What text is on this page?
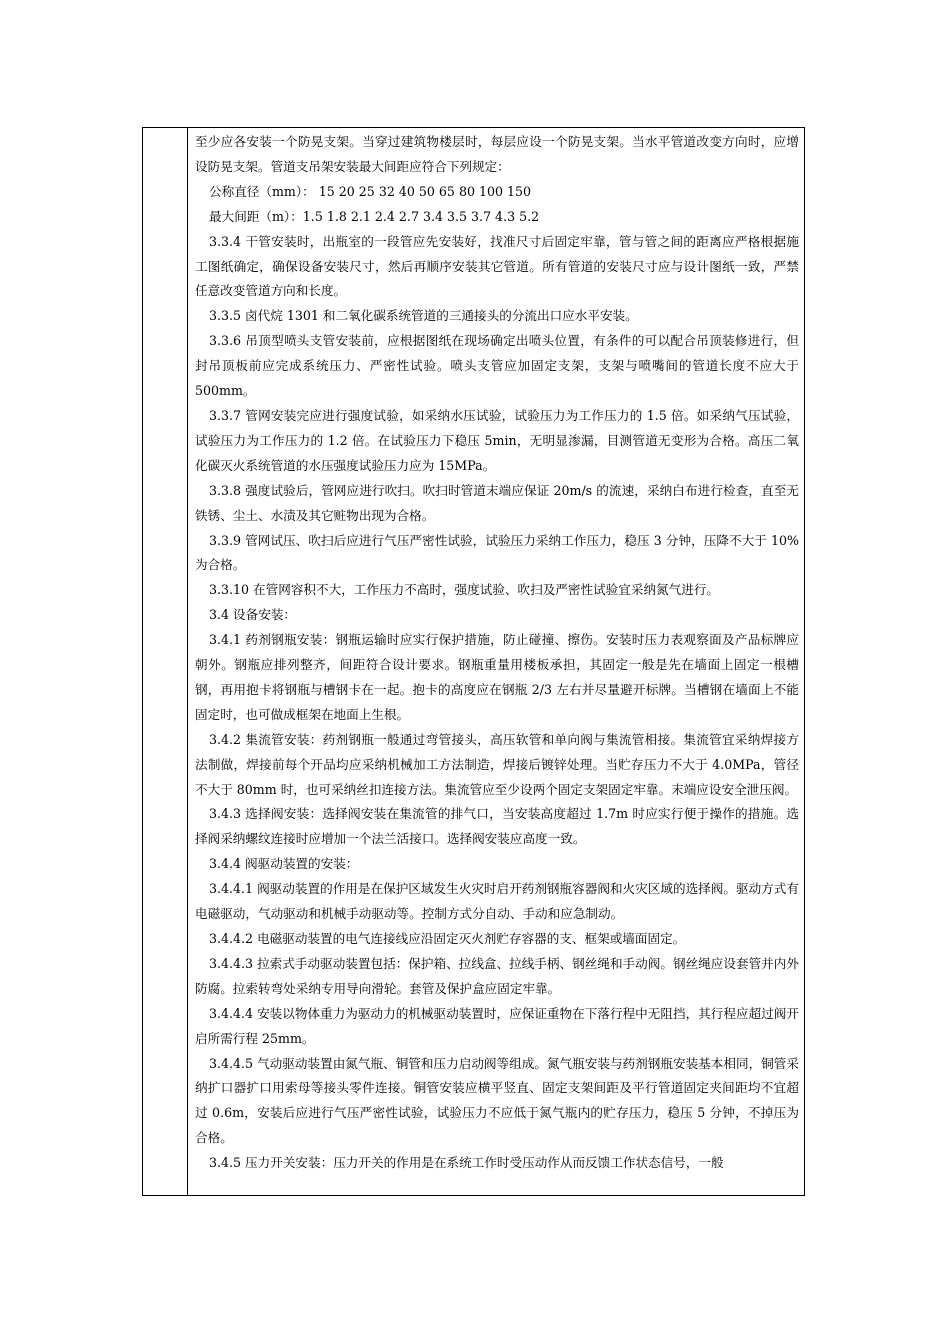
至少应各安装一个防晃支架。当穿过建筑物楼层时，每层应设一个防晃支架。当水平管道改变方向时，应增设防晃支架。管道支吊架安装最大间距应符合下列规定：

公称直径（mm）： 15 20 25 32 40 50 65 80 100 150

最大间距（m）：1.5 1.8 2.1 2.4 2.7 3.4 3.5 3.7 4.3 5.2

3.3.4 干管安装时，出瓶室的一段管应先安装好，找准尺寸后固定牢靠，管与管之间的距离应严格根据施工图纸确定，确保设备安装尺寸，然后再顺序安装其它管道。所有管道的安装尺寸应与设计图纸一致，严禁任意改变管道方向和长度。

3.3.5 卤代烷 1301 和二氧化碳系统管道的三通接头的分流出口应水平安装。

3.3.6 吊顶型喷头支管安装前，应根据图纸在现场确定出喷头位置，有条件的可以配合吊顶装修进行，但封吊顶板前应完成系统压力、严密性试验。喷头支管应加固定支架，支架与喷嘴间的管道长度不应大于 500mm。

3.3.7 管网安装完应进行强度试验，如采纳水压试验，试验压力为工作压力的 1.5 倍。如采纳气压试验，试验压力为工作压力的 1.2 倍。在试验压力下稳压 5min，无明显渗漏，目测管道无变形为合格。高压二氧化碳灭火系统管道的水压强度试验压力应为 15MPa。

3.3.8 强度试验后，管网应进行吹扫。吹扫时管道末端应保证 20m/s 的流速，采纳白布进行检查，直至无铁锈、尘土、水渍及其它赃物出现为合格。

3.3.9 管网试压、吹扫后应进行气压严密性试验，试验压力采纳工作压力，稳压 3 分钟，压降不大于 10%为合格。

3.3.10 在管网容积不大，工作压力不高时，强度试验、吹扫及严密性试验宜采纳氮气进行。

3.4 设备安装：

3.4.1 药剂钢瓶安装：钢瓶运输时应实行保护措施，防止碰撞、擦伤。安装时压力表观察面及产品标牌应朝外。钢瓶应排列整齐，间距符合设计要求。钢瓶重量用楼板承担，其固定一般是先在墙面上固定一根槽钢，再用抱卡将钢瓶与槽钢卡在一起。抱卡的高度应在钢瓶 2/3 左右并尽量避开标牌。当槽钢在墙面上不能固定时，也可做成框架在地面上生根。

3.4.2 集流管安装：药剂钢瓶一般通过弯管接头，高压软管和单向阀与集流管相接。集流管宜采纳焊接方法制做，焊接前每个开品均应采纳机械加工方法制造，焊接后镀锌处理。当贮存压力不大于 4.0MPa，管径不大于 80mm 时，也可采纳丝扣连接方法。集流管应至少设两个固定支架固定牢靠。末端应设安全泄压阀。

3.4.3 选择阀安装：选择阀安装在集流管的排气口，当安装高度超过 1.7m 时应实行便于操作的措施。选择阀采纳螺纹连接时应增加一个法兰活接口。选择阀安装应高度一致。

3.4.4 阀驱动装置的安装：

3.4.4.1 阀驱动装置的作用是在保护区域发生火灾时启开药剂钢瓶容器阀和火灾区域的选择阀。驱动方式有电磁驱动，气动驱动和机械手动驱动等。控制方式分自动、手动和应急制动。

3.4.4.2 电磁驱动装置的电气连接线应沿固定灭火剂贮存容器的支、框架或墙面固定。

3.4.4.3 拉索式手动驱动装置包括：保护箱、拉线盒、拉线手柄、钢丝绳和手动阀。钢丝绳应设套管并内外防腐。拉索转弯处采纳专用导向滑轮。套管及保护盒应固定牢靠。

3.4.4.4 安装以物体重力为驱动力的机械驱动装置时，应保证重物在下落行程中无阻挡，其行程应超过阀开启所需行程 25mm。

3.4.4.5 气动驱动装置由氮气瓶、铜管和压力启动阀等组成。氮气瓶安装与药剂钢瓶安装基本相同，铜管采纳扩口器扩口用索母等接头零件连接。铜管安装应横平竖直、固定支架间距及平行管道固定夹间距均不宜超过 0.6m，安装后应进行气压严密性试验，试验压力不应低于氮气瓶内的贮存压力，稳压 5 分钟，不掉压为合格。

3.4.5 压力开关安装：压力开关的作用是在系统工作时受压动作从而反馈工作状态信号，一般
